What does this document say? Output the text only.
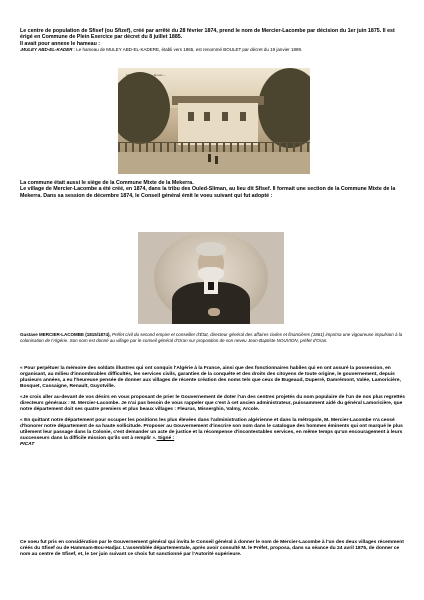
Le centre de population de Sfisef (ou Sfizef), créé par arrêté du 28 février 1874, prend le nom de Mercier-Lacombe par décision du 1er juin 1875. Il est érigé en Commune de Plein Exercice par décret du 8 juillet 1885.

Il avait pour annexe le hameau :

.MULEY ABD-EL-KADER : Le hameau de MULEY ABD-EL-KADERE, établi vers 1865, est renommé BOULET par décret du 19 janvier 1889.

Mercier-Lacombe - Route ...

La commune était aussi le siège de la Commune Mixte de la Mekerra.

Le village de Mercier-Lacombe a été créé, en 1874, dans la tribu des Ouled-Sliman, au lieu dit Sfisef. Il formait une section de la Commune Mixte de la Mekerra. Dans sa session de décembre 1874, le Conseil général émit le voeu suivant qui fut adopté :

Gustave MERCIER-LACOMBE (1815/1874), Préfet civil du second empire et conseiller d'État, directeur général des affaires civiles et financières (1861) imprima une vigoureuse impulsion à la colonisation de l'Algérie. Son nom est donné au village par le conseil général d'Oran sur proposition de son neveu Jean-Baptiste NOUVION, préfet d'Oran.

« Pour perpétuer la mémoire des soldats illustres qui ont conquis l'Algérie à la France, ainsi que des fonctionnaires habiles qui en ont assuré la possession, en organisant, au milieu d'innombrables difficultés, les services civils, garanties de la conquête et des droits des citoyens de toute origine, le gouvernement, depuis plusieurs années, a eu l'heureuse pensée de donner aux villages de récente création des noms tels que ceux de Bugeaud, Duperré, Damrémont, Valée, Lamoricière, Bosquet, Cassaigne, Renault, Guyotville.

«Je crois aller au-devant de vos désirs en vous proposant de prier le Gouvernement de doter l'un des centres projetés du nom populaire de l'un de nos plus regrettés directeurs généraux : M. Mercier-Lacombe. Je n'ai pas besoin de vous rappeler que c'est à cet ancien administrateur, puissamment aidé du général Lamoricière, que notre département doit ses quatre premiers et plus beaux villages : Fleurus, Misserghin, Valmy, Arcole.

« En quittant notre département pour occuper les positions les plus élevées dans l'administration algérienne et dans la métropole, M. Mercier-Lacombe n'a cessé d'honorer notre département de sa haute sollicitude. Proposer au Gouvernement d'inscrire son nom dans le catalogue des hommes éminents qui ont marqué le plus utilement leur passage dans la Colonie, c'est demander un acte de justice et la récompense d'incontestables services, en même temps qu'un encouragement à leurs successeurs dans la difficile mission qu'ils ont à remplir ». Signé :
PICAT

Ce voeu fut pris en considération par le Gouvernement général qui invita le Conseil général à donner le nom de Mercier-Lacombe à l'un des deux villages récemment créés du Sfisef ou de Hammam-Bou-Hadjar. L'assemblée départementale, après avoir consulté M. le Préfet, proposa, dans sa séance du 24 avril 1875, de donner ce nom au centre de Sfisef, et, le 1er juin suivant ce choix fut sanctionné par l'Autorité supérieure.
